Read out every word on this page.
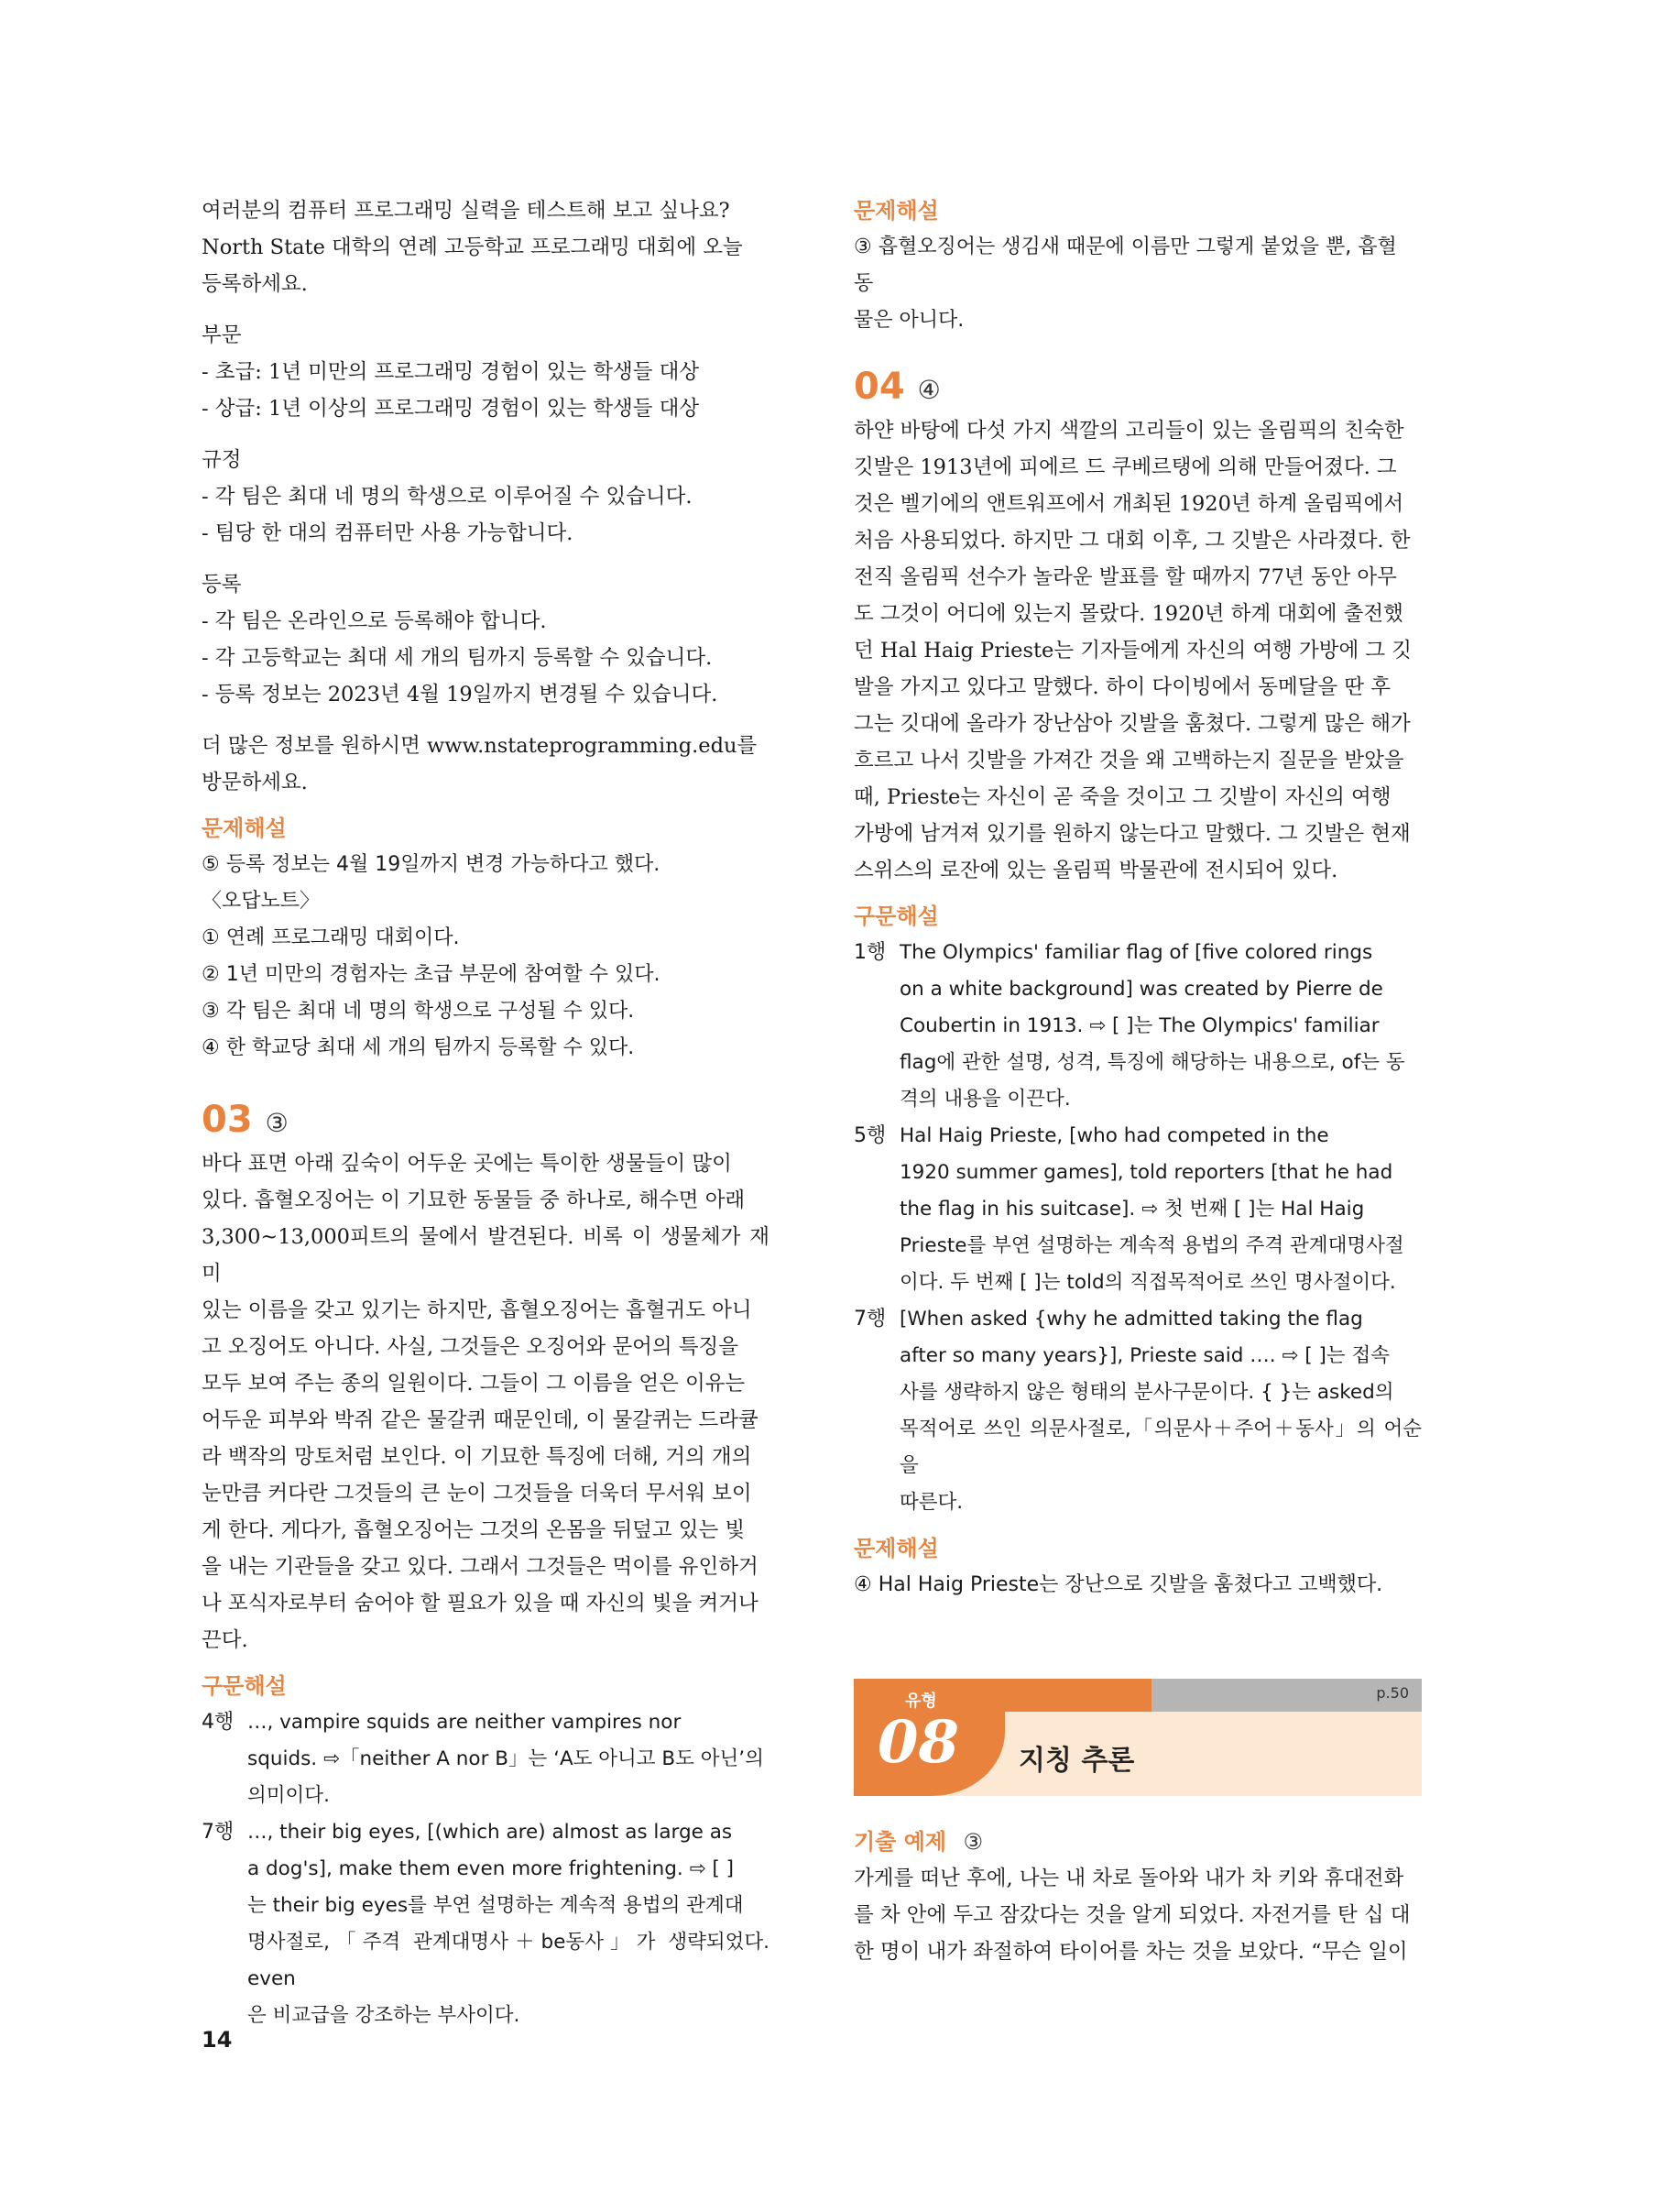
여러분의 컴퓨터 프로그래밍 실력을 테스트해 보고 싶나요?

North State 대학의 연례 고등학교 프로그래밍 대회에 오늘

등록하세요.

부문

- 초급: 1년 미만의 프로그래밍 경험이 있는 학생들 대상

- 상급: 1년 이상의 프로그래밍 경험이 있는 학생들 대상

규정

- 각 팀은 최대 네 명의 학생으로 이루어질 수 있습니다.

- 팀당 한 대의 컴퓨터만 사용 가능합니다.

등록

- 각 팀은 온라인으로 등록해야 합니다.

- 각 고등학교는 최대 세 개의 팀까지 등록할 수 있습니다.

- 등록 정보는 2023년 4월 19일까지 변경될 수 있습니다.

더 많은 정보를 원하시면 www.nstateprogramming.edu를

방문하세요.

문제해설

⑤ 등록 정보는 4월 19일까지 변경 가능하다고 했다.

〈오답노트〉

① 연례 프로그래밍 대회이다.

② 1년 미만의 경험자는 초급 부문에 참여할 수 있다.

③ 각 팀은 최대 네 명의 학생으로 구성될 수 있다.

④ 한 학교당 최대 세 개의 팀까지 등록할 수 있다.

03 ③

바다 표면 아래 깊숙이 어두운 곳에는 특이한 생물들이 많이

있다. 흡혈오징어는 이 기묘한 동물들 중 하나로, 해수면 아래

3,300~13,000피트의 물에서 발견된다. 비록 이 생물체가 재미

있는 이름을 갖고 있기는 하지만, 흡혈오징어는 흡혈귀도 아니

고 오징어도 아니다. 사실, 그것들은 오징어와 문어의 특징을

모두 보여 주는 종의 일원이다. 그들이 그 이름을 얻은 이유는

어두운 피부와 박쥐 같은 물갈퀴 때문인데, 이 물갈퀴는 드라큘

라 백작의 망토처럼 보인다. 이 기묘한 특징에 더해, 거의 개의

눈만큼 커다란 그것들의 큰 눈이 그것들을 더욱더 무서워 보이

게 한다. 게다가, 흡혈오징어는 그것의 온몸을 뒤덮고 있는 빛

을 내는 기관들을 갖고 있다. 그래서 그것들은 먹이를 유인하거

나 포식자로부터 숨어야 할 필요가 있을 때 자신의 빛을 켜거나

끈다.

구문해설

4행 …, vampire squids are neither vampires nor

squids. ⇨「neither A nor B」는 ‘A도 아니고 B도 아닌’의

의미이다.

7행 …, their big eyes, [(which are) almost as large as

a dog's], make them even more frightening. ⇨ [ ]

는 their big eyes를 부연 설명하는 계속적 용법의 관계대

명사절로,「주격 관계대명사＋be동사」가 생략되었다. even

은 비교급을 강조하는 부사이다.

문제해설

③ 흡혈오징어는 생김새 때문에 이름만 그렇게 붙었을 뿐, 흡혈 동

물은 아니다.

04 ④

하얀 바탕에 다섯 가지 색깔의 고리들이 있는 올림픽의 친숙한

깃발은 1913년에 피에르 드 쿠베르탱에 의해 만들어졌다. 그

것은 벨기에의 앤트워프에서 개최된 1920년 하계 올림픽에서

처음 사용되었다. 하지만 그 대회 이후, 그 깃발은 사라졌다. 한

전직 올림픽 선수가 놀라운 발표를 할 때까지 77년 동안 아무

도 그것이 어디에 있는지 몰랐다. 1920년 하계 대회에 출전했

던 Hal Haig Prieste는 기자들에게 자신의 여행 가방에 그 깃

발을 가지고 있다고 말했다. 하이 다이빙에서 동메달을 딴 후

그는 깃대에 올라가 장난삼아 깃발을 훔쳤다. 그렇게 많은 해가

흐르고 나서 깃발을 가져간 것을 왜 고백하는지 질문을 받았을

때, Prieste는 자신이 곧 죽을 것이고 그 깃발이 자신의 여행

가방에 남겨져 있기를 원하지 않는다고 말했다. 그 깃발은 현재

스위스의 로잔에 있는 올림픽 박물관에 전시되어 있다.

구문해설

1행 The Olympics' familiar flag of [five colored rings

on a white background] was created by Pierre de

Coubertin in 1913. ⇨ [ ]는 The Olympics' familiar

flag에 관한 설명, 성격, 특징에 해당하는 내용으로, of는 동

격의 내용을 이끈다.

5행 Hal Haig Prieste, [who had competed in the

1920 summer games], told reporters [that he had

the flag in his suitcase]. ⇨ 첫 번째 [ ]는 Hal Haig

Prieste를 부연 설명하는 계속적 용법의 주격 관계대명사절

이다. 두 번째 [ ]는 told의 직접목적어로 쓰인 명사절이다.

7행 [When asked {why he admitted taking the flag

after so many years}], Prieste said …. ⇨ [ ]는 접속

사를 생략하지 않은 형태의 분사구문이다. { }는 asked의

목적어로 쓰인 의문사절로,「의문사＋주어＋동사」의 어순을

따른다.

문제해설

④ Hal Haig Prieste는 장난으로 깃발을 훔쳤다고 고백했다.

유형
08 지칭 추론
p.50

기출 예제 ③

가게를 떠난 후에, 나는 내 차로 돌아와 내가 차 키와 휴대전화

를 차 안에 두고 잠갔다는 것을 알게 되었다. 자전거를 탄 십 대

한 명이 내가 좌절하여 타이어를 차는 것을 보았다. “무슨 일이

14
